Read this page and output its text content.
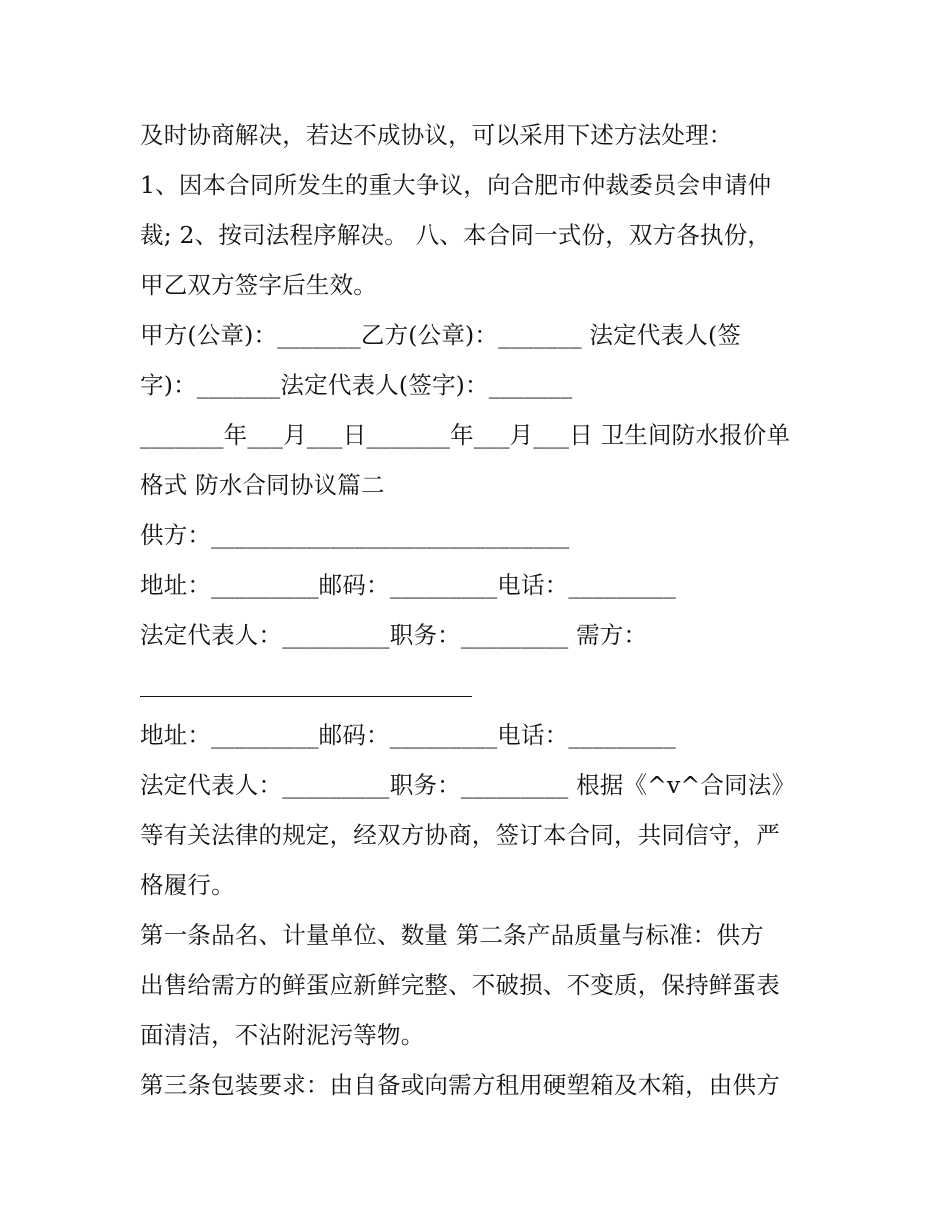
及时协商解决，若达不成协议，可以采用下述方法处理：
1、因本合同所发生的重大争议，向合肥市仲裁委员会申请仲
裁; 2、按司法程序解决。 八、本合同一式份，双方各执份，
甲乙双方签字后生效。
甲方(公章)：_______乙方(公章)：_______ 法定代表人(签
字)：_______法定代表人(签字)：_______
_______年___月___日_______年___月___日 卫生间防水报价单
格式 防水合同协议篇二
供方：______________________________
地址：_________邮码：_________电话：_________
法定代表人：_________职务：_________ 需方：
地址：_________邮码：_________电话：_________
法定代表人：_________职务：_________ 根据《^v^合同法》
等有关法律的规定，经双方协商，签订本合同，共同信守，严
格履行。
第一条品名、计量单位、数量 第二条产品质量与标准：供方
出售给需方的鲜蛋应新鲜完整、不破损、不变质，保持鲜蛋表
面清洁，不沾附泥污等物。
第三条包装要求：由自备或向需方租用硬塑箱及木箱，由供方
